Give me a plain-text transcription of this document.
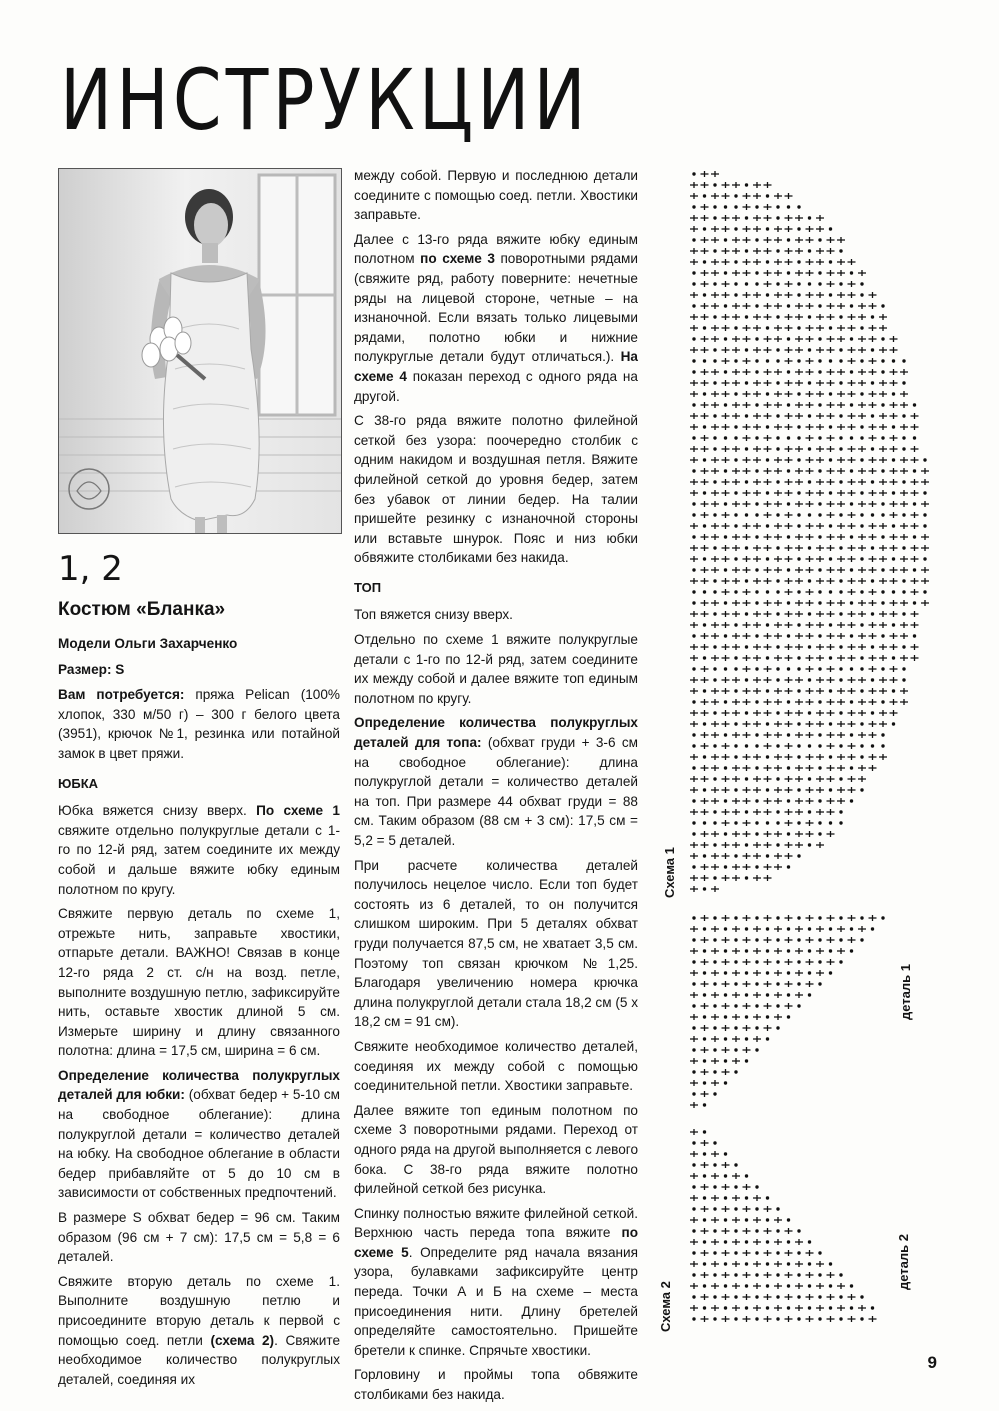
ИНСТРУКЦИИ
1, 2
Костюм «Бланка»
Модели Ольги Захарченко
Размер: S

Вам потребуется: пряжа Pelican (100% хлопок, 330 м/50 г) – 300 г белого цвета (3951), крючок №1, резинка или потайной замок в цвет пряжи.

ЮБКА

Юбка вяжется снизу вверх. По схеме 1 свяжите отдельно полукруглые детали с 1-го по 12-й ряд, затем соедините их между собой и дальше вяжите юбку единым полотном по кругу.

Свяжите первую деталь по схеме 1, отрежьте нить, заправьте хвостики, отпарьте детали. ВАЖНО! Связав в конце 12-го ряда 2 ст. с/н на возд. петле, выполните воздушную петлю, зафиксируйте нить, оставьте хвостик длиной 5 см. Измерьте ширину и длину связанного полотна: длина = 17,5 см, ширина = 6 см.

Определение количества полукруглых деталей для юбки: (обхват бедер + 5-10 см на свободное облегание): длина полукруглой детали = количество деталей на юбку. На свободное облегание в области бедер прибавляйте от 5 до 10 см в зависимости от собственных предпочтений.

В размере S обхват бедер = 96 см. Таким образом (96 см + 7 см): 17,5 см = 5,8 = 6 деталей.

Свяжите вторую деталь по схеме 1. Выполните воздушную петлю и присоедините вторую деталь к первой с помощью соед. петли (схема 2). Свяжите необходимое количество полукруглых деталей, соединяя их

между собой. Первую и последнюю детали соедините с помощью соед. петли. Хвостики заправьте.

Далее с 13-го ряда вяжите юбку единым полотном по схеме 3 поворотными рядами (свяжите ряд, работу поверните: нечетные ряды на лицевой стороне, четные – на изнаночной. Если вязать только лицевыми рядами, полотно юбки и нижние полукруглые детали будут отличаться.). На схеме 4 показан переход с одного ряда на другой.

С 38-го ряда вяжите полотно филейной сеткой без узора: поочередно столбик с одним накидом и воздушная петля. Вяжите филейной сеткой до уровня бедер, затем без убавок от линии бедер. На талии пришейте резинку с изнаночной стороны или вставьте шнурок. Пояс и низ юбки обвяжите столбиками без накида.

ТОП

Топ вяжется снизу вверх.

Отдельно по схеме 1 вяжите полукруглые детали с 1-го по 12-й ряд, затем соедините их между собой и далее вяжите топ единым полотном по кругу.

Определение количества полукруглых деталей для топа: (обхват груди + 3-6 см на свободное облегание): длина полукруглой детали = количество деталей на топ. При размере 44 обхват груди = 88 см. Таким образом (88 см + 3 см): 17,5 см = 5,2 = 5 деталей.

При расчете количества деталей получилось нецелое число. Если топ будет состоять из 6 деталей, то он получится слишком широким. При 5 деталях обхват груди получается 87,5 см, не хватает 3,5 см. Поэтому топ связан крючком №1,25. Благодаря увеличению номера крючка длина полукруглой детали стала 18,2 см (5 х 18,2 см = 91 см).

Свяжите необходимое количество деталей, соединяя их между собой с помощью соединительной петли. Хвостики заправьте.

Далее вяжите топ единым полотном по схеме 3 поворотными рядами. Переход от одного ряда на другой выполняется с левого бока. С 38-го ряда вяжите полотно филейной сеткой без рисунка.

Спинку полностью вяжите филейной сеткой. Верхнюю часть переда топа вяжите по схеме 5. Определите ряд начала вязания узора, булавками зафиксируйте центр переда. Точки А и Б на схеме – места присоединения нити. Длину бретелей определяйте самостоятельно. Пришейте бретели к спинке. Спрячьте хвостики.

Горловину и проймы топа обвяжите столбиками без накида.

Схема 1
Схема 2
деталь 1
деталь 2
9
